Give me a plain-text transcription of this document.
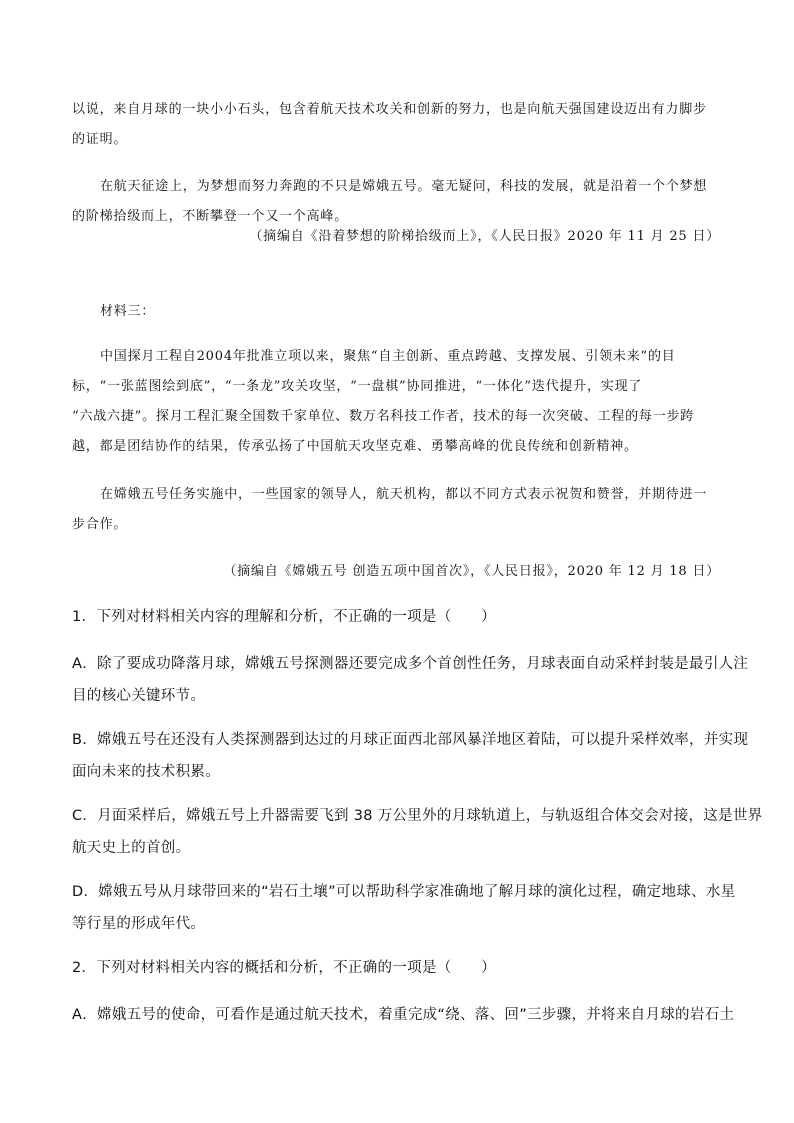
以说，来自月球的一块小小石头，包含着航天技术攻关和创新的努力，也是向航天强国建设迈出有力脚步
的证明。

在航天征途上，为梦想而努力奔跑的不只是嫦娥五号。毫无疑问，科技的发展，就是沿着一个个梦想
的阶梯拾级而上，不断攀登一个又一个高峰。

（摘编自《沿着梦想的阶梯拾级而上》，《人民日报》2020 年 11 月 25 日）

材料三：

中国探月工程自2004年批准立项以来，聚焦“自主创新、重点跨越、支撑发展、引领未来”的目
标，“一张蓝图绘到底”，“一条龙”攻关攻坚，“一盘棋”协同推进，“一体化”迭代提升，实现了
“六战六捷”。探月工程汇聚全国数千家单位、数万名科技工作者，技术的每一次突破、工程的每一步跨
越，都是团结协作的结果，传承弘扬了中国航天攻坚克难、勇攀高峰的优良传统和创新精神。

在嫦娥五号任务实施中，一些国家的领导人，航天机构，都以不同方式表示祝贺和赞誉，并期待进一
步合作。

（摘编自《嫦娥五号 创造五项中国首次》，《人民日报》，2020 年 12 月 18 日）

1．下列对材料相关内容的理解和分析，不正确的一项是（　　）

A．除了要成功降落月球，嫦娥五号探测器还要完成多个首创性任务，月球表面自动采样封装是最引人注
目的核心关键环节。

B．嫦娥五号在还没有人类探测器到达过的月球正面西北部风暴洋地区着陆，可以提升采样效率，并实现
面向未来的技术积累。

C．月面采样后，嫦娥五号上升器需要飞到 38 万公里外的月球轨道上，与轨返组合体交会对接，这是世界
航天史上的首创。

D．嫦娥五号从月球带回来的“岩石土壤”可以帮助科学家准确地了解月球的演化过程，确定地球、水星
等行星的形成年代。

2．下列对材料相关内容的概括和分析，不正确的一项是（　　）

A．嫦娥五号的使命，可看作是通过航天技术，着重完成“绕、落、回”三步骤，并将来自月球的岩石土
